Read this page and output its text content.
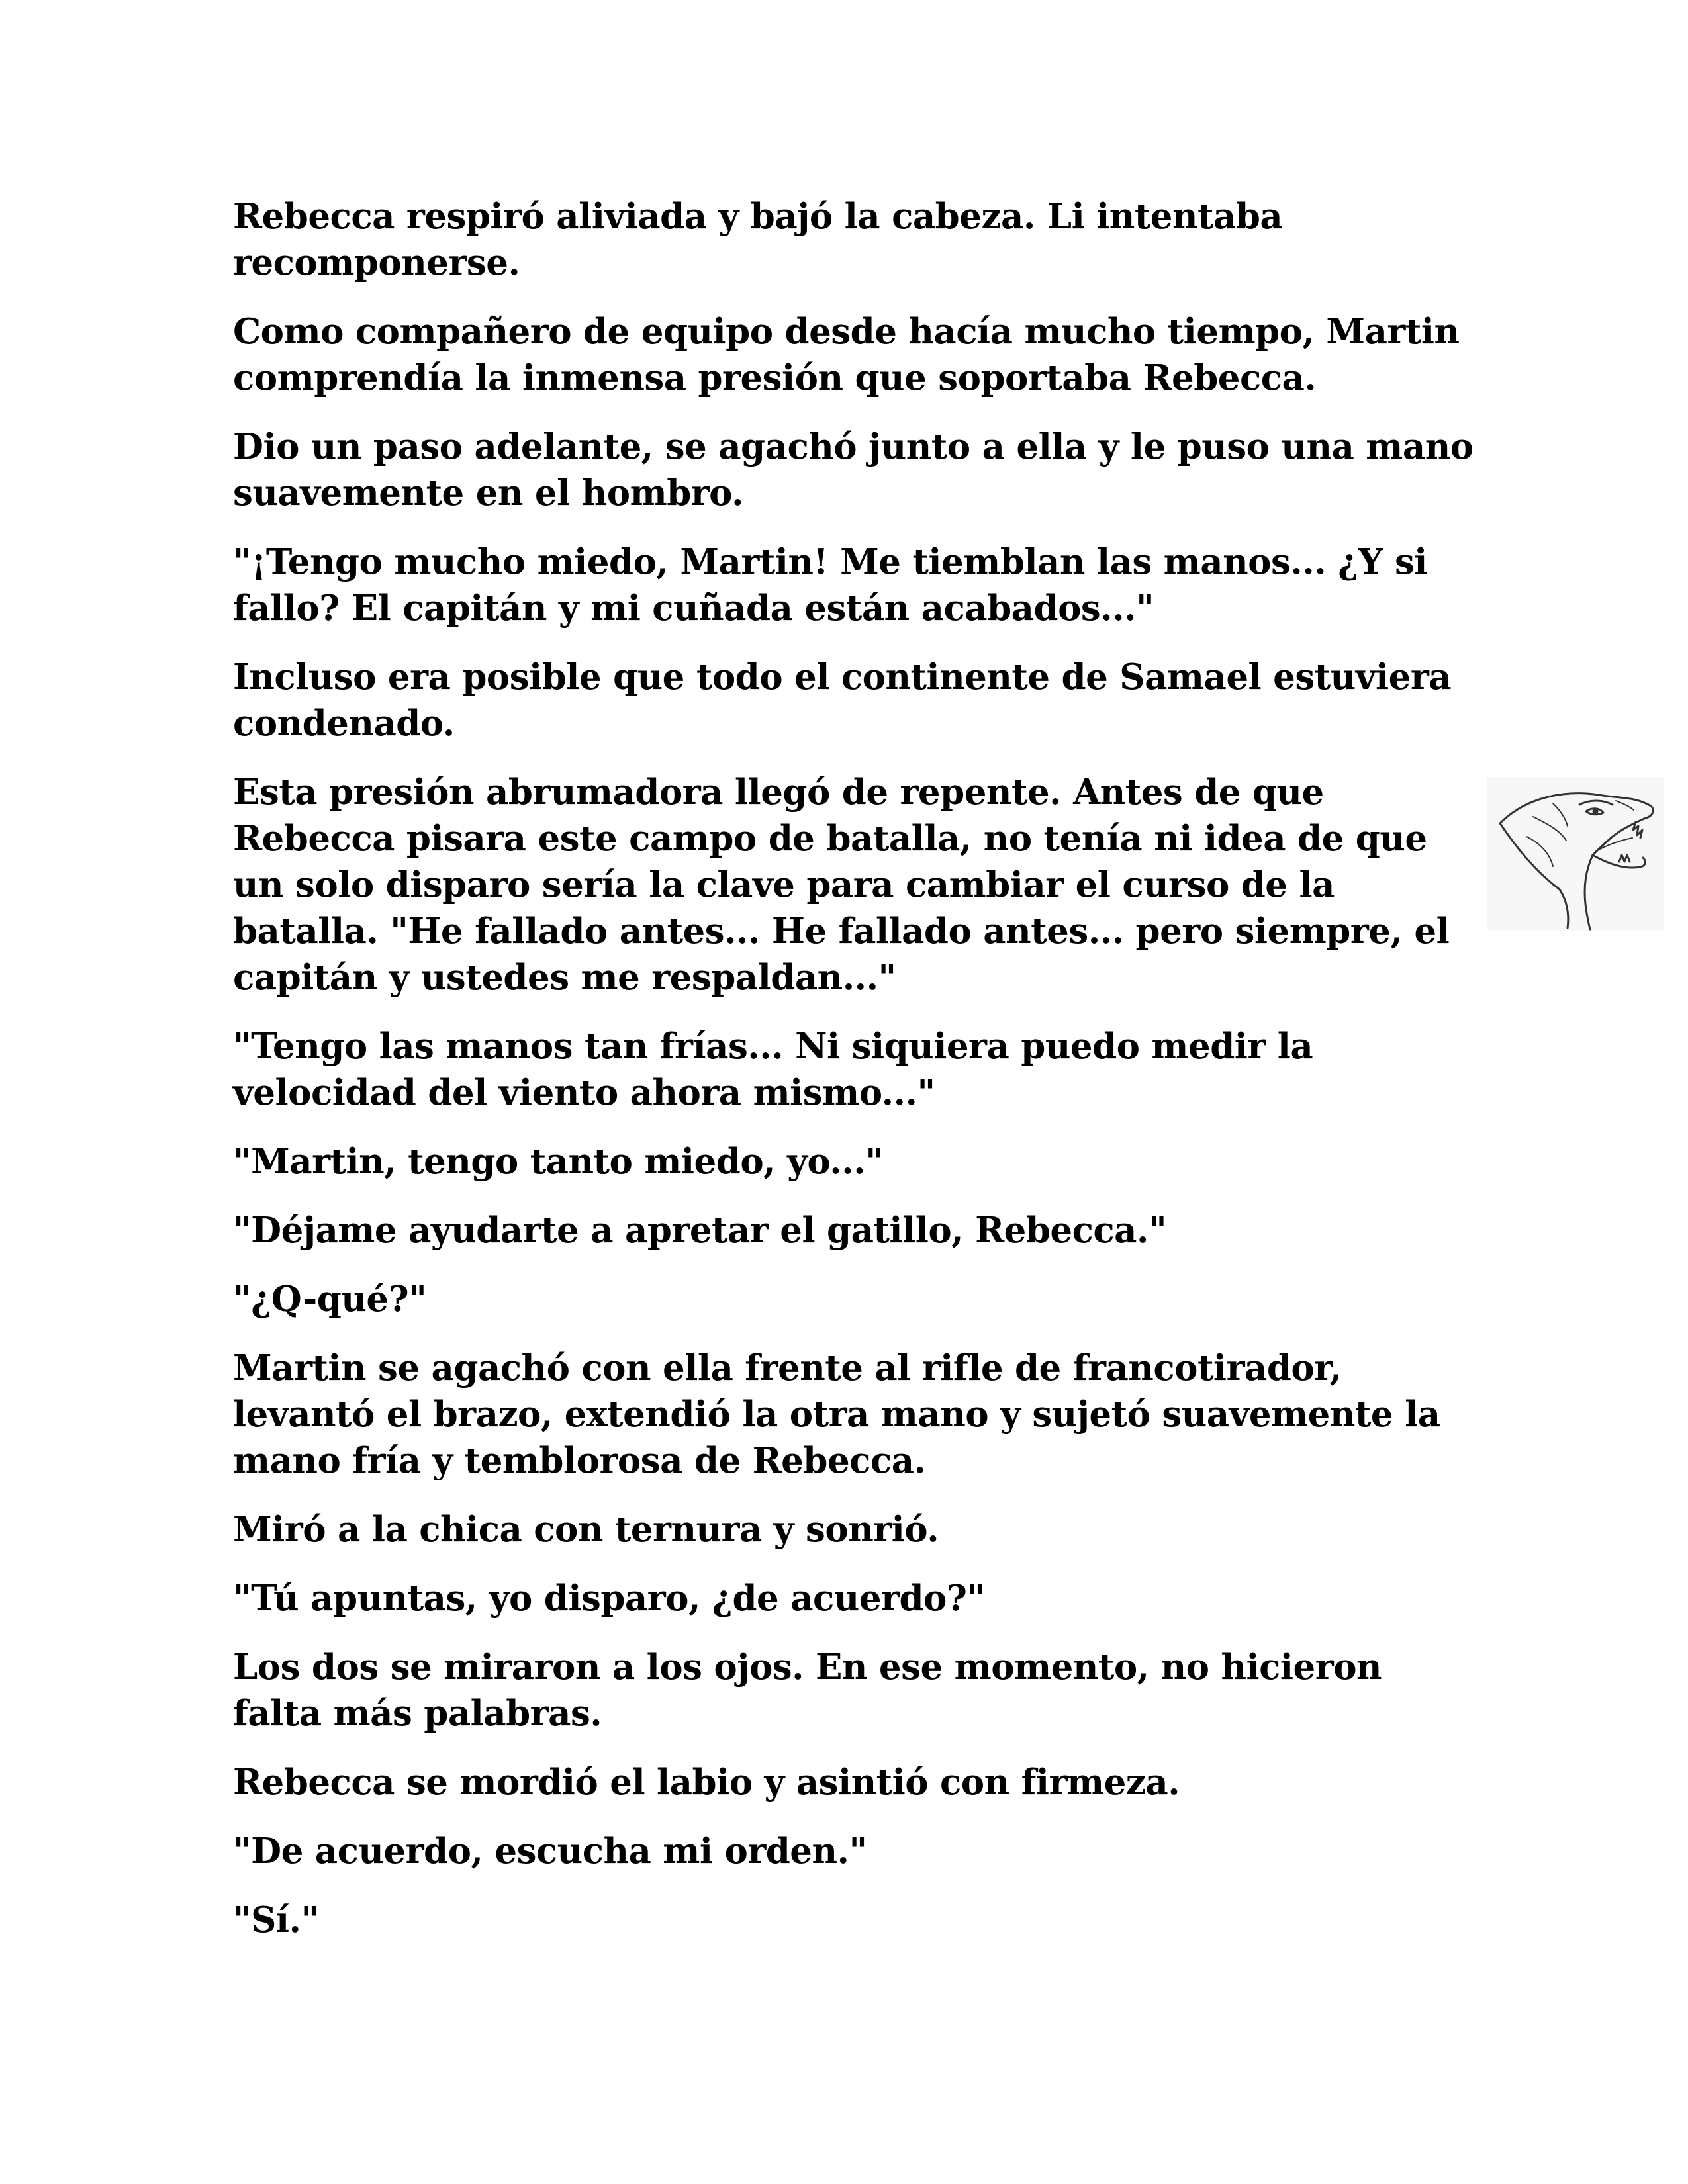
Rebecca respiró aliviada y bajó la cabeza. Li intentaba recomponerse.

Como compañero de equipo desde hacía mucho tiempo, Martin comprendía la inmensa presión que soportaba Rebecca.

Dio un paso adelante, se agachó junto a ella y le puso una mano suavemente en el hombro.

"¡Tengo mucho miedo, Martin! Me tiemblan las manos... ¿Y si fallo? El capitán y mi cuñada están acabados..."

Incluso era posible que todo el continente de Samael estuviera condenado.

Esta presión abrumadora llegó de repente. Antes de que Rebecca pisara este campo de batalla, no tenía ni idea de que un solo disparo sería la clave para cambiar el curso de la batalla. "He fallado antes... He fallado antes... pero siempre, el capitán y ustedes me respaldan..."

"Tengo las manos tan frías... Ni siquiera puedo medir la velocidad del viento ahora mismo..."

"Martin, tengo tanto miedo, yo..."

"Déjame ayudarte a apretar el gatillo, Rebecca."

"¿Q-qué?"

Martin se agachó con ella frente al rifle de francotirador, levantó el brazo, extendió la otra mano y sujetó suavemente la mano fría y temblorosa de Rebecca.

Miró a la chica con ternura y sonrió.

"Tú apuntas, yo disparo, ¿de acuerdo?"

Los dos se miraron a los ojos. En ese momento, no hicieron falta más palabras.

Rebecca se mordió el labio y asintió con firmeza.

"De acuerdo, escucha mi orden."

"Sí."
